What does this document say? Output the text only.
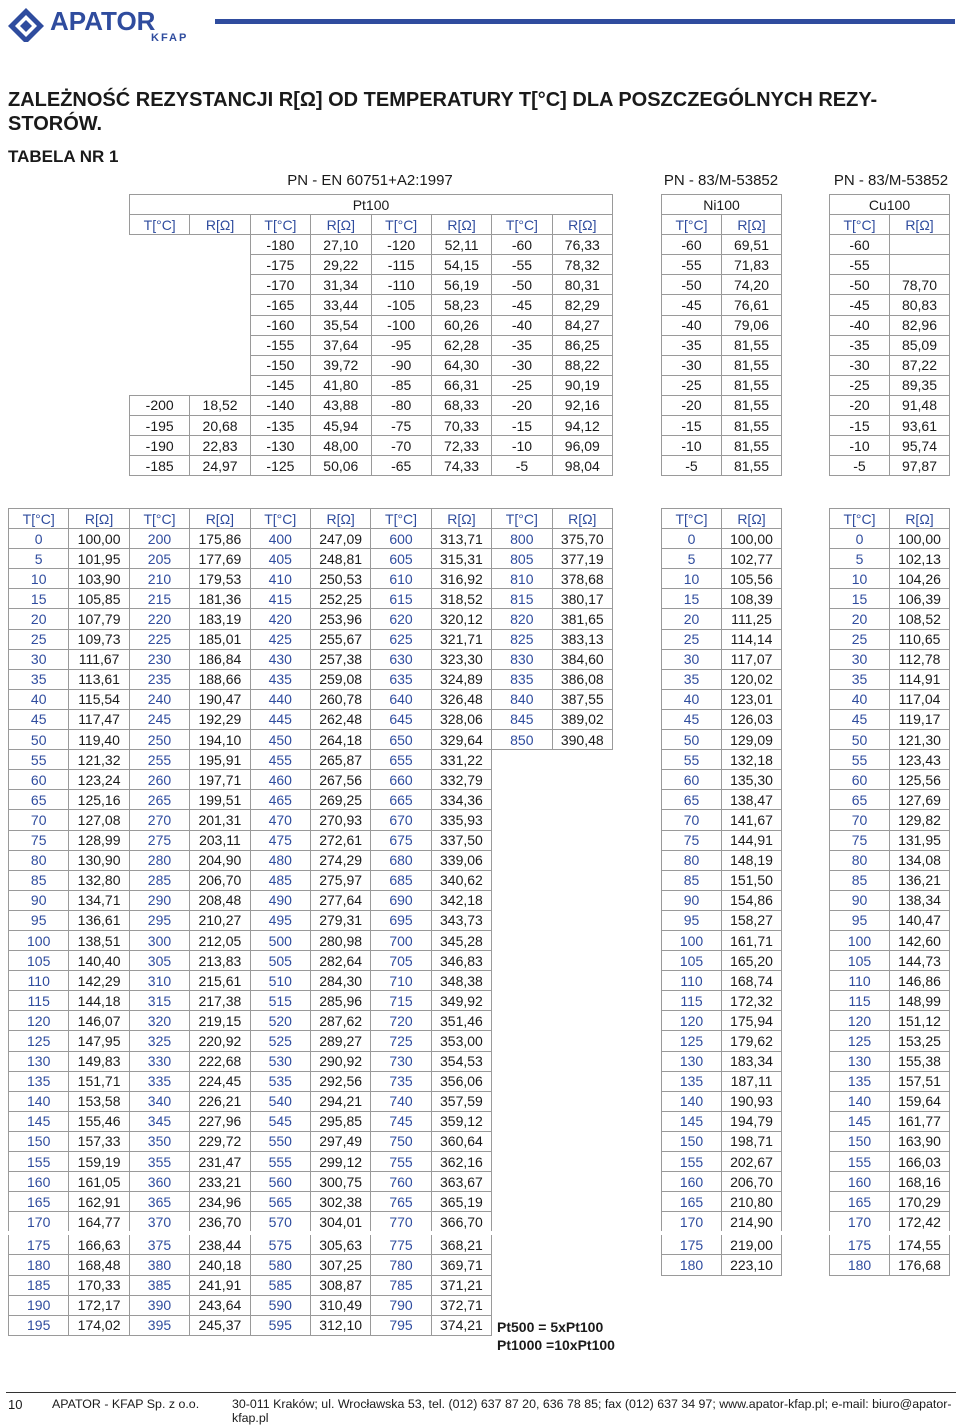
APATOR
KFAP
ZALEŻNOŚĆ REZYSTANCJI R[Ω] OD TEMPERATURY T[°C] DLA POSZCZEGÓLNYCH REZY-STORÓW.
TABELA NR 1
PN - EN 60751+A2:1997	PN - 83/M-53852	PN - 83/M-53852
Pt100							
T[°C]	R[Ω]	T[°C]	R[Ω]	T[°C]	R[Ω]	T[°C]	R[Ω]
		-180	27,10	-120	52,11	-60	76,33
		-175	29,22	-115	54,15	-55	78,32
		-170	31,34	-110	56,19	-50	80,31
		-165	33,44	-105	58,23	-45	82,29
		-160	35,54	-100	60,26	-40	84,27
		-155	37,64	-95	62,28	-35	86,25
		-150	39,72	-90	64,30	-30	88,22
		-145	41,80	-85	66,31	-25	90,19
-200	18,52	-140	43,88	-80	68,33	-20	92,16
-195	20,68	-135	45,94	-75	70,33	-15	94,12
-190	22,83	-130	48,00	-70	72,33	-10	96,09
-185	24,97	-125	50,06	-65	74,33	-5	98,04
Ni100	
T[°C]	R[Ω]
-60	69,51
-55	71,83
-50	74,20
-45	76,61
-40	79,06
-35	81,55
-30	81,55
-25	81,55
-20	81,55
-15	81,55
-10	81,55
-5	81,55
Cu100	
T[°C]	R[Ω]
-60	
-55	
-50	78,70
-45	80,83
-40	82,96
-35	85,09
-30	87,22
-25	89,35
-20	91,48
-15	93,61
-10	95,74
-5	97,87
T[°C]	R[Ω]	T[°C]	R[Ω]	T[°C]	R[Ω]	T[°C]	R[Ω]	T[°C]	R[Ω]
0	100,00	200	175,86	400	247,09	600	313,71	800	375,70
5	101,95	205	177,69	405	248,81	605	315,31	805	377,19
10	103,90	210	179,53	410	250,53	610	316,92	810	378,68
15	105,85	215	181,36	415	252,25	615	318,52	815	380,17
20	107,79	220	183,19	420	253,96	620	320,12	820	381,65
25	109,73	225	185,01	425	255,67	625	321,71	825	383,13
30	111,67	230	186,84	430	257,38	630	323,30	830	384,60
35	113,61	235	188,66	435	259,08	635	324,89	835	386,08
40	115,54	240	190,47	440	260,78	640	326,48	840	387,55
45	117,47	245	192,29	445	262,48	645	328,06	845	389,02
50	119,40	250	194,10	450	264,18	650	329,64	850	390,48
55	121,32	255	195,91	455	265,87	655	331,22		
60	123,24	260	197,71	460	267,56	660	332,79		
65	125,16	265	199,51	465	269,25	665	334,36		
70	127,08	270	201,31	470	270,93	670	335,93		
75	128,99	275	203,11	475	272,61	675	337,50		
80	130,90	280	204,90	480	274,29	680	339,06		
85	132,80	285	206,70	485	275,97	685	340,62		
90	134,71	290	208,48	490	277,64	690	342,18		
95	136,61	295	210,27	495	279,31	695	343,73		
100	138,51	300	212,05	500	280,98	700	345,28		
105	140,40	305	213,83	505	282,64	705	346,83		
110	142,29	310	215,61	510	284,30	710	348,38		
115	144,18	315	217,38	515	285,96	715	349,92		
120	146,07	320	219,15	520	287,62	720	351,46		
125	147,95	325	220,92	525	289,27	725	353,00		
130	149,83	330	222,68	530	290,92	730	354,53		
135	151,71	335	224,45	535	292,56	735	356,06		
140	153,58	340	226,21	540	294,21	740	357,59		
145	155,46	345	227,96	545	295,85	745	359,12		
150	157,33	350	229,72	550	297,49	750	360,64		
155	159,19	355	231,47	555	299,12	755	362,16		
160	161,05	360	233,21	560	300,75	760	363,67		
165	162,91	365	234,96	565	302,38	765	365,19		
170	164,77	370	236,70	570	304,01	770	366,70		
175	166,63	375	238,44	575	305,63	775	368,21		
180	168,48	380	240,18	580	307,25	780	369,71		
185	170,33	385	241,91	585	308,87	785	371,21		
190	172,17	390	243,64	590	310,49	790	372,71		
195	174,02	395	245,37	595	312,10	795	374,21		
T[°C]	R[Ω]
0	100,00
5	102,77
10	105,56
15	108,39
20	111,25
25	114,14
30	117,07
35	120,02
40	123,01
45	126,03
50	129,09
55	132,18
60	135,30
65	138,47
70	141,67
75	144,91
80	148,19
85	151,50
90	154,86
95	158,27
100	161,71
105	165,20
110	168,74
115	172,32
120	175,94
125	179,62
130	183,34
135	187,11
140	190,93
145	194,79
150	198,71
155	202,67
160	206,70
165	210,80
170	214,90
175	219,00
180	223,10
T[°C]	R[Ω]
0	100,00
5	102,13
10	104,26
15	106,39
20	108,52
25	110,65
30	112,78
35	114,91
40	117,04
45	119,17
50	121,30
55	123,43
60	125,56
65	127,69
70	129,82
75	131,95
80	134,08
85	136,21
90	138,34
95	140,47
100	142,60
105	144,73
110	146,86
115	148,99
120	151,12
125	153,25
130	155,38
135	157,51
140	159,64
145	161,77
150	163,90
155	166,03
160	168,16
165	170,29
170	172,42
175	174,55
180	176,68
Pt500 = 5xPt100
Pt1000 =10xPt100
10 APATOR - KFAP Sp. z o.o.	30-011 Kraków; ul. Wrocławska 53, tel. (012) 637 87 20, 636 78 85; fax (012) 637 34 97; www.apator-kfap.pl; e-mail: biuro@apator-kfap.pl
